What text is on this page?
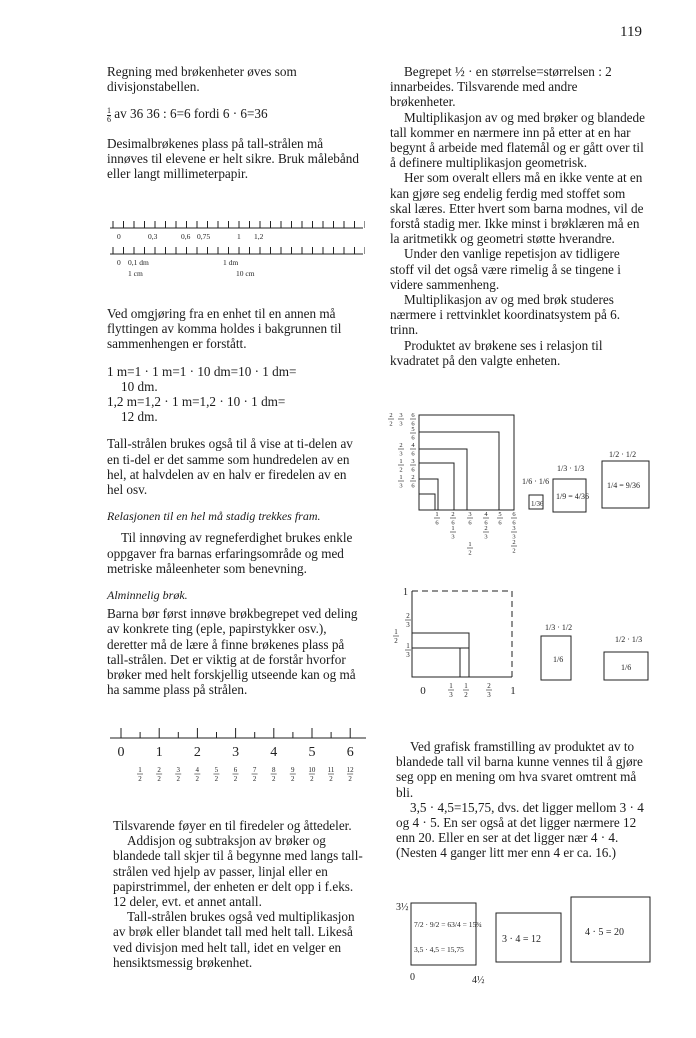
119

Regning med brøkenheter øves som divisjonstabellen.

$\frac{1}{6}$ av 36 36 : 6=6 fordi 6 · 6=36

Desimalbrøkenes plass på tall-strålen må innøves til elevene er helt sikre. Bruk målebånd eller langt millimeterpapir.

0	0,3	0,6 0,75	1 1,2
0 0,1 dm	1 dm
1 cm	10 cm

Ved omgjøring fra en enhet til en annen må flyttingen av komma holdes i bakgrunnen til sammenhengen er forstått.

1 m=1 · 1 m=1 · 10 dm=10 · 1 dm=

10 dm.

1,2 m=1,2 · 1 m=1,2 · 10 · 1 dm=

12 dm.

Tall-strålen brukes også til å vise at ti-delen av en ti-del er det samme som hundredelen av en hel, at halvdelen av en halv er firedelen av en hel osv.

Relasjonen til en hel må stadig trekkes fram.

Til innøving av regneferdighet brukes enkle oppgaver fra barnas erfaringsområde og med metriske måleenheter som benevning.

Alminnelig brøk.

Barna bør først innøve brøkbegrepet ved deling av konkrete ting (eple, papirstykker osv.), deretter må de lære å finne brøkenes plass på tall-strålen. Det er viktig at de forstår hvorfor brøker med helt forskjellig utseende kan og må ha samme plass på strålen.

0 1 2 3 4 5 6
1
2
2
2
3
2
4
2
5
2
6
2
7
2
8
2
9
2
10
2
11
2
12
2

Tilsvarende føyer en til firedeler og åttedeler.

Addisjon og subtraksjon av brøker og blandede tall skjer til å begynne med langs tall-strålen ved hjelp av passer, linjal eller en papirstrimmel, der enheten er delt opp i f.eks. 12 deler, evt. et annet antall.

Tall-strålen brukes også ved multiplikasjon av brøk eller blandet tall med helt tall. Likeså ved divisjon med helt tall, idet en velger en hensiktsmessig brøkenhet.

Begrepet ½ · en størrelse=størrelsen : 2 innarbeides. Tilsvarende med andre brøkenheter.

Multiplikasjon av og med brøker og blandede tall kommer en nærmere inn på etter at en har begynt å arbeide med flatemål og er gått over til å definere multiplikasjon geometrisk.

Her som overalt ellers må en ikke vente at en kan gjøre seg endelig ferdig med stoffet som skal læres. Etter hvert som barna modnes, vil de forstå stadig mer. Ikke minst i brøklæren må en la aritmetikk og geometri støtte hverandre.

Under den vanlige repetisjon av tidligere stoff vil det også være rimelig å se tingene i videre sammenheng.

Multiplikasjon av og med brøk studeres nærmere i rettvinklet koordinatsystem på 6. trinn.

Produktet av brøkene ses i relasjon til kvadratet på den valgte enheten.

2
2
3
3
6
6
5
6
4
6
2
3
1
2
3
6
2
6
1
3
1
6
2
6
1
3
3
6
1
2
4
6
2
3
5
6
6
6
3
3
2
2
1/6 · 1/6
1/36
1/3 · 1/3
1/9 = 4/36
1/2 · 1/2
1/4 = 9/36
1
2
3
1
2
1
3
0	1
3
1
2
2
3 1
1/3 · 1/2
1/6
1/2 · 1/3
1/6

Ved grafisk framstilling av produktet av to blandede tall vil barna kunne vennes til å gjøre seg opp en mening om hva svaret omtrent må bli.

3,5 · 4,5=15,75, dvs. det ligger mellom 3 · 4 og 4 · 5. En ser også at det ligger nærmere 12 enn 20. Eller en ser at det ligger nær 4 · 4. (Nesten 4 ganger litt mer enn 4 er ca. 16.)

3½
7/2 · 9/2 = 63/4 = 15¾
3,5 · 4,5 = 15,75
0	4½
3 · 4 = 12
4 · 5 = 20
